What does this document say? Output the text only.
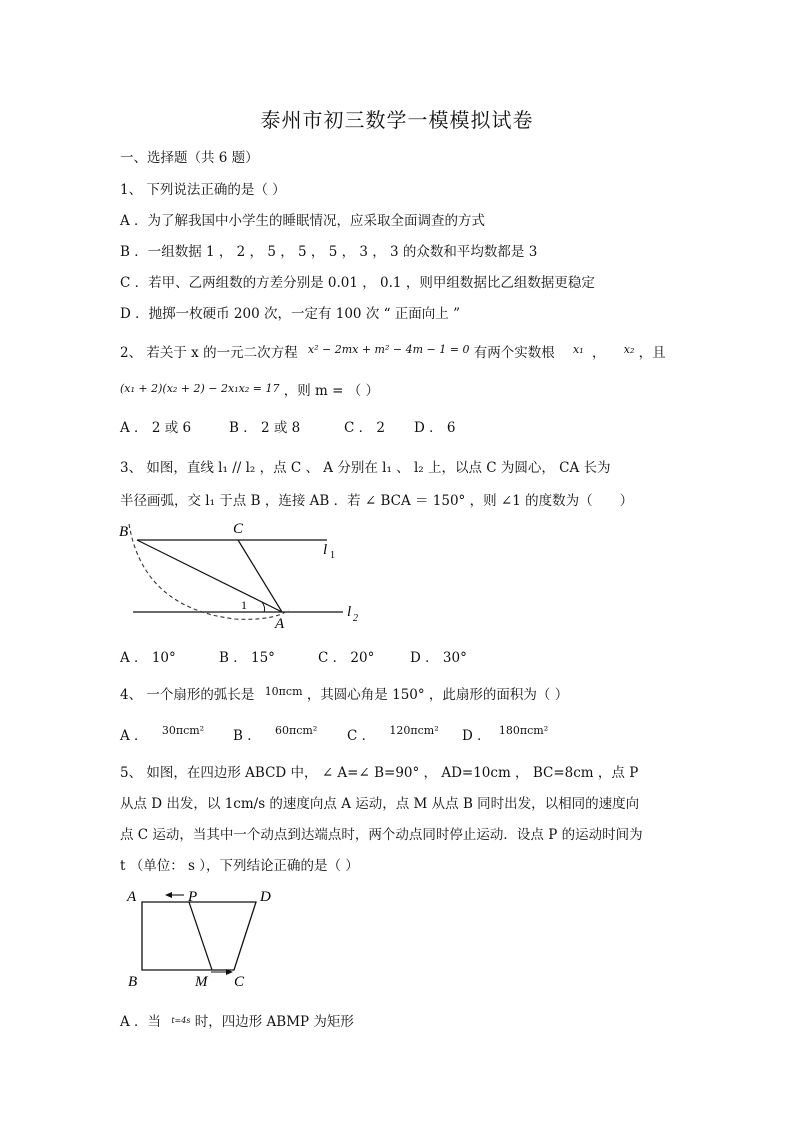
泰州市初三数学一模模拟试卷
一、选择题（共 6 题）
1、 下列说法正确的是（ ）
A ．为了解我国中小学生的睡眠情况，应采取全面调查的方式
B ．一组数据 1 ， 2 ， 5 ， 5 ， 5 ， 3 ， 3 的众数和平均数都是 3
C ．若甲、乙两组数的方差分别是 0.01 ， 0.1 ，则甲组数据比乙组数据更稳定
D ．抛掷一枚硬币 200 次，一定有 100 次 “ 正面向上 ”
2、 若关于 x 的一元二次方程 $^{x^2 - 2mx + m^2 - 4m - 1 = 0}$ 有两个实数根 $^{x_1}$ ， $^{x_2}$ ，且
$^{(x_1 + 2)(x_2 + 2) - 2x_1x_2 = 17}$ ，则 m = （ ）
A ． 2 或 6	B ． 2 或 8	C ． 2 D ． 6
3、 如图，直线 l₁ // l₂ ，点 C 、 A 分别在 l₁ 、 l₂ 上，以点 C 为圆心， CA 长为
半径画弧，交 l₁ 于点 B ，连接 AB ．若 ∠ BCA ＝ 150° ，则 ∠1 的度数为（　　）
B	C
A
1
l 1
l 2
A ． 10°	B ． 15°	C ． 20°	D ． 30°
4、 一个扇形的弧长是 $^{10\pi cm}$ ，其圆心角是 150° ，此扇形的面积为（ ）
A ． $^{30\pi cm^2}$ B ． $^{60\pi cm^2}$ C ． $^{120\pi cm^2}$ D ． $^{180\pi cm^2}$
5、 如图，在四边形 ABCD 中， ∠ A=∠ B=90° ， AD=10cm ， BC=8cm ，点 P
从点 D 出发，以 1cm/s 的速度向点 A 运动，点 M 从点 B 同时出发，以相同的速度向
点 C 运动，当其中一个动点到达端点时，两个动点同时停止运动．设点 P 的运动时间为
t （单位： s ），下列结论正确的是（ ）
A	P	D
B	M C
A ．当 $^{t=4s}$ 时，四边形 ABMP 为矩形
